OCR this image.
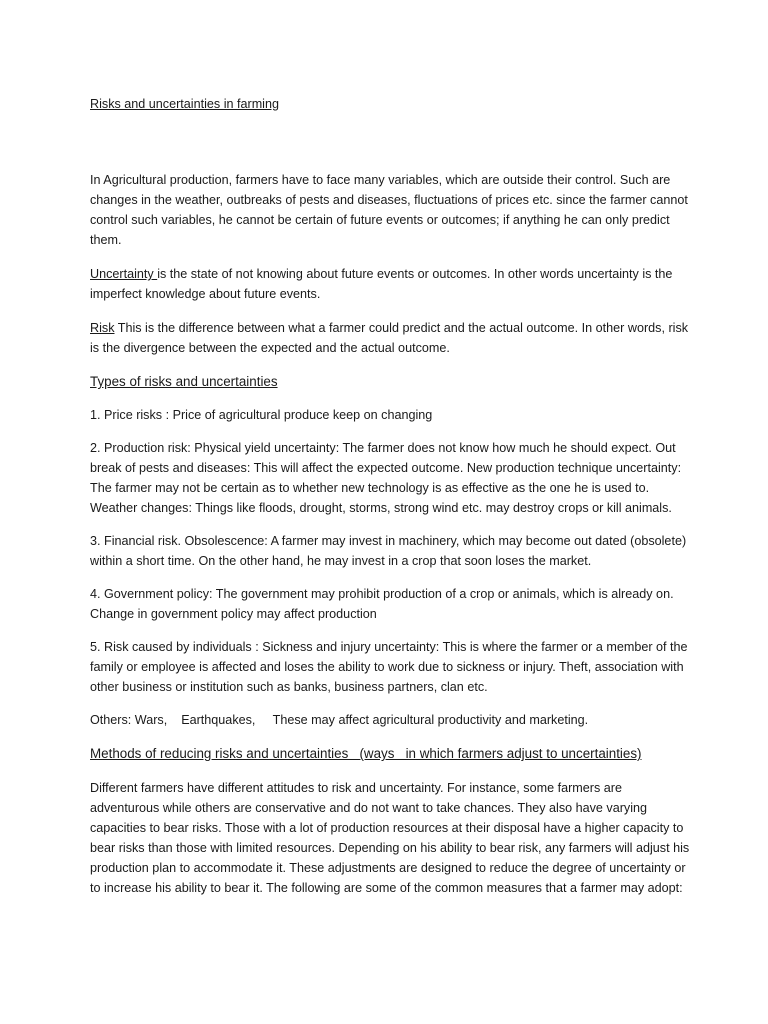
Risks and uncertainties in farming

In Agricultural production, farmers have to face many variables, which are outside their control. Such are changes in the weather, outbreaks of pests and diseases, fluctuations of prices etc. since the farmer cannot control such variables, he cannot be certain of future events or outcomes; if anything he can only predict them.

Uncertainty is the state of not knowing about future events or outcomes. In other words uncertainty is the imperfect knowledge about future events.

Risk This is the difference between what a farmer could predict and the actual outcome. In other words, risk is the divergence between the expected and the actual outcome.

Types of risks and uncertainties

1. Price risks : Price of agricultural produce keep on changing

2. Production risk: Physical yield uncertainty: The farmer does not know how much he should expect. Out break of pests and diseases: This will affect the expected outcome. New production technique uncertainty: The farmer may not be certain as to whether new technology is as effective as the one he is used to. Weather changes: Things like floods, drought, storms, strong wind etc. may destroy crops or kill animals.

3. Financial risk. Obsolescence: A farmer may invest in machinery, which may become out dated (obsolete) within a short time. On the other hand, he may invest in a crop that soon loses the market.

4. Government policy: The government may prohibit production of a crop or animals, which is already on. Change in government policy may affect production

5. Risk caused by individuals : Sickness and injury uncertainty: This is where the farmer or a member of the family or employee is affected and loses the ability to work due to sickness or injury. Theft, association with other business or institution such as banks, business partners, clan etc.

Others: Wars,    Earthquakes,     These may affect agricultural productivity and marketing.

Methods of reducing risks and uncertainties   (ways   in which farmers adjust to uncertainties)

Different farmers have different attitudes to risk and uncertainty. For instance, some farmers are adventurous while others are conservative and do not want to take chances. They also have varying capacities to bear risks. Those with a lot of production resources at their disposal have a higher capacity to bear risks than those with limited resources. Depending on his ability to bear risk, any farmers will adjust his production plan to accommodate it. These adjustments are designed to reduce the degree of uncertainty or to increase his ability to bear it. The following are some of the common measures that a farmer may adopt:
